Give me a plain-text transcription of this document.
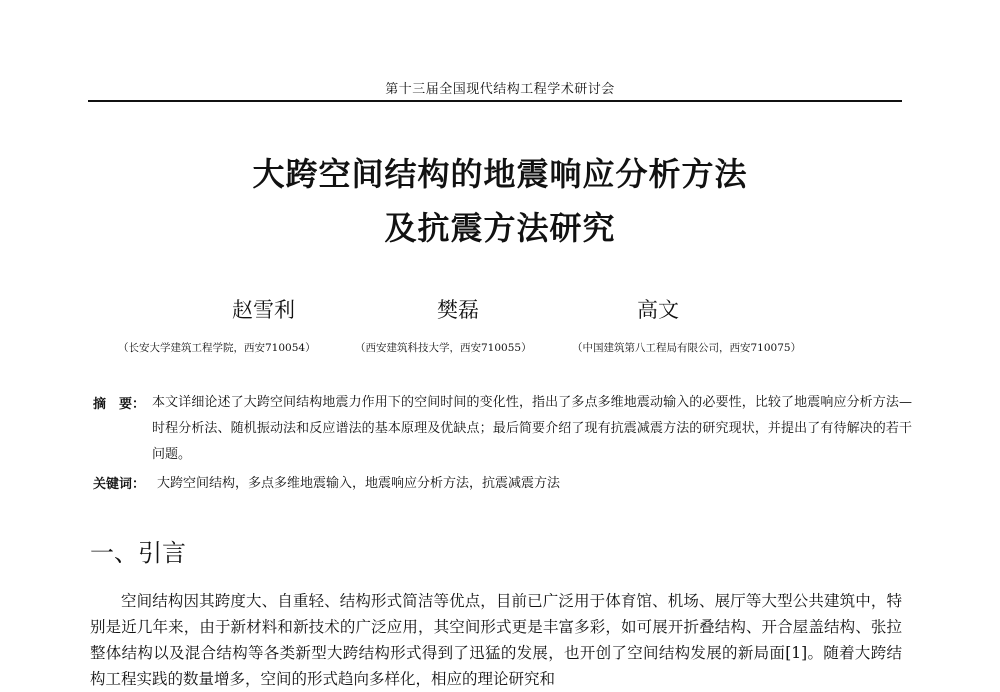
第十三届全国现代结构工程学术研讨会
大跨空间结构的地震响应分析方法
及抗震方法研究
赵雪利	樊磊	高文
（长安大学建筑工程学院，西安710054）	（西安建筑科技大学，西安710055）	（中国建筑第八工程局有限公司，西安710075）
摘　要： 本文详细论述了大跨空间结构地震力作用下的空间时间的变化性，指出了多点多维地震动输入的必要性，比较了地震响应分析方法—时程分析法、随机振动法和反应谱法的基本原理及优缺点；最后简要介绍了现有抗震减震方法的研究现状，并提出了有待解决的若干问题。
关键词： 大跨空间结构，多点多维地震输入，地震响应分析方法，抗震减震方法
一、引言
空间结构因其跨度大、自重轻、结构形式简洁等优点，目前已广泛用于体育馆、机场、展厅等大型公共建筑中，特别是近几年来，由于新材料和新技术的广泛应用，其空间形式更是丰富多彩，如可展开折叠结构、开合屋盖结构、张拉整体结构以及混合结构等各类新型大跨结构形式得到了迅猛的发展，也开创了空间结构发展的新局面[1]。随着大跨结构工程实践的数量增多，空间的形式趋向多样化，相应的理论研究和
